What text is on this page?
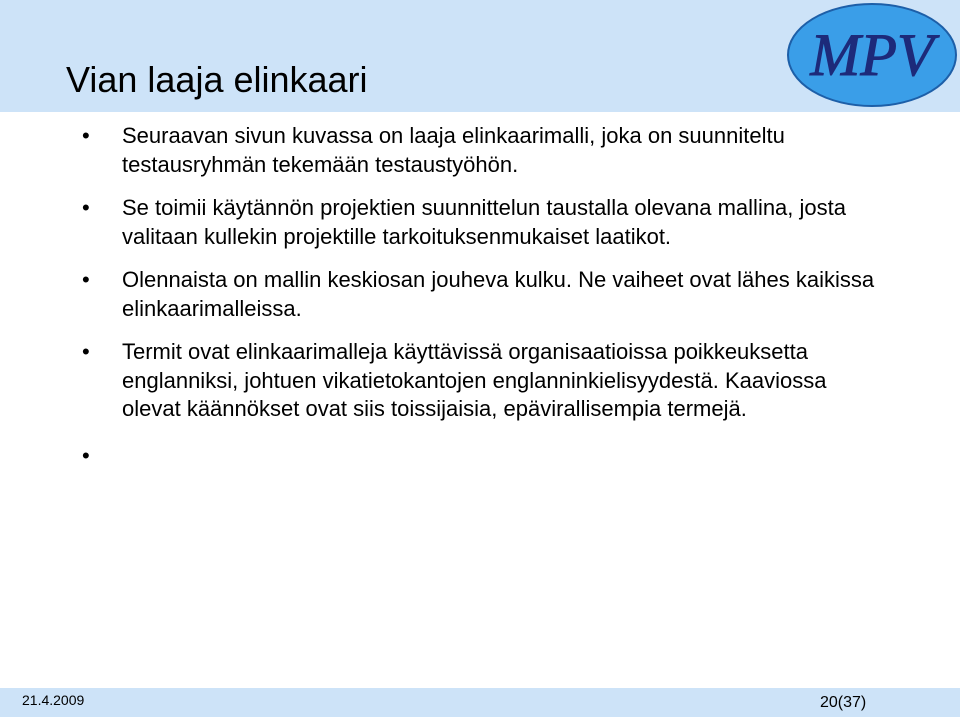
Vian laaja elinkaari	MPV
• Seuraavan sivun kuvassa on laaja elinkaarimalli, joka on suunniteltu testausryhmän tekemään testaustyöhön.
• Se toimii käytännön projektien suunnittelun taustalla olevana mallina, josta valitaan kullekin projektille tarkoituksenmukaiset laatikot.
• Olennaista on mallin keskiosan jouheva kulku. Ne vaiheet ovat lähes kaikissa elinkaarimalleissa.
• Termit ovat elinkaarimalleja käyttävissä organisaatioissa poikkeuksetta englanniksi, johtuen vikatietokantojen englanninkielisyydestä. Kaaviossa olevat käännökset ovat siis toissijaisia, epävirallisempia termejä.
•
21.4.2009	20(37)
